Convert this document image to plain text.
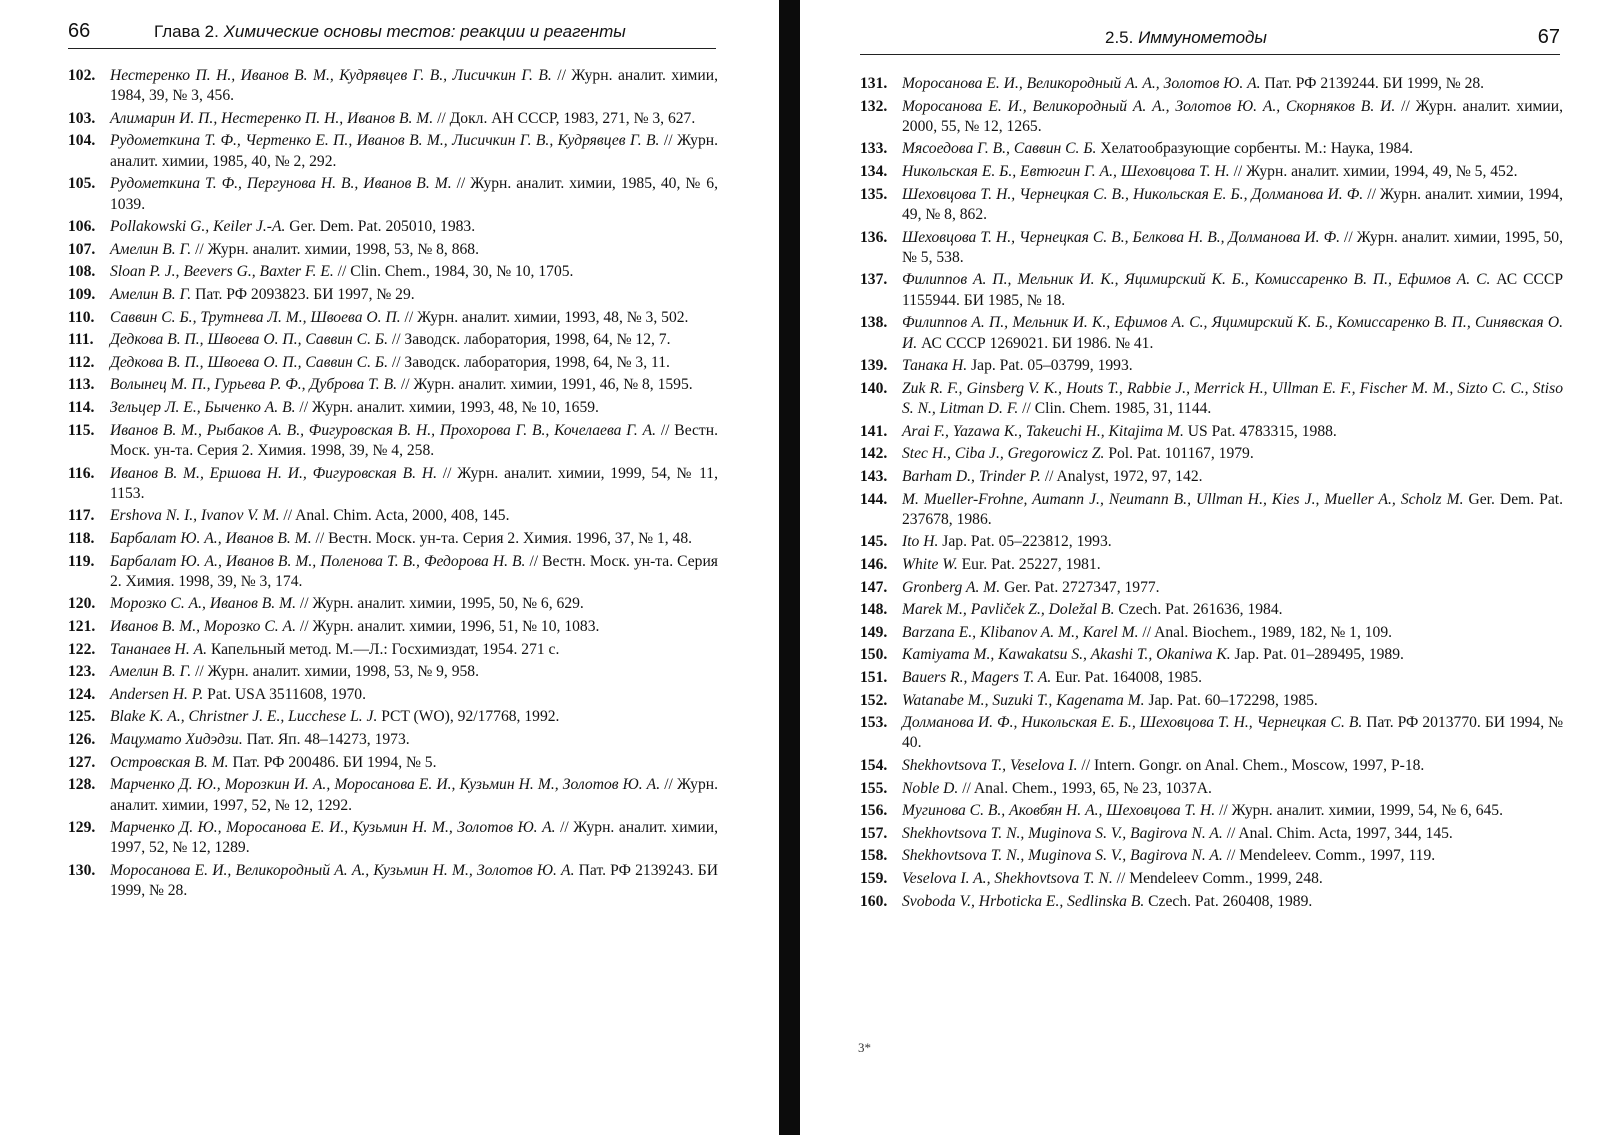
66	Глава 2. Химические основы тестов: реакции и реагенты
102. Нестеренко П. Н., Иванов В. М., Кудрявцев Г. В., Лисичкин Г. В. // Журн. аналит. химии, 1984, 39, № 3, 456.
103. Алимарин И. П., Нестеренко П. Н., Иванов В. М. // Докл. АН СССР, 1983, 271, № 3, 627.
104. Рудометкина Т. Ф., Чертенко Е. П., Иванов В. М., Лисичкин Г. В., Кудрявцев Г. В. // Журн. аналит. химии, 1985, 40, № 2, 292.
105. Рудометкина Т. Ф., Пергунова Н. В., Иванов В. М. // Журн. аналит. химии, 1985, 40, № 6, 1039.
106. Pollakowski G., Keiler J.-A. Ger. Dem. Pat. 205010, 1983.
107. Амелин В. Г. // Журн. аналит. химии, 1998, 53, № 8, 868.
108. Sloan P. J., Beevers G., Baxter F. E. // Clin. Chem., 1984, 30, № 10, 1705.
109. Амелин В. Г. Пат. РФ 2093823. БИ 1997, № 29.
110. Саввин С. Б., Трутнева Л. М., Швоева О. П. // Журн. аналит. химии, 1993, 48, № 3, 502.
111. Дедкова В. П., Швоева О. П., Саввин С. Б. // Заводск. лаборатория, 1998, 64, № 12, 7.
112. Дедкова В. П., Швоева О. П., Саввин С. Б. // Заводск. лаборатория, 1998, 64, № 3, 11.
113. Волынец М. П., Гурьева Р. Ф., Дуброва Т. В. // Журн. аналит. химии, 1991, 46, № 8, 1595.
114. Зельцер Л. Е., Быченко А. В. // Журн. аналит. химии, 1993, 48, № 10, 1659.
115. Иванов В. М., Рыбаков А. В., Фигуровская В. Н., Прохорова Г. В., Кочелаева Г. А. // Вестн. Моск. ун-та. Серия 2. Химия. 1998, 39, № 4, 258.
116. Иванов В. М., Ершова Н. И., Фигуровская В. Н. // Журн. аналит. химии, 1999, 54, № 11, 1153.
117. Ershova N. I., Ivanov V. M. // Anal. Chim. Acta, 2000, 408, 145.
118. Барбалат Ю. А., Иванов В. М. // Вестн. Моск. ун-та. Серия 2. Химия. 1996, 37, № 1, 48.
119. Барбалат Ю. А., Иванов В. М., Поленова Т. В., Федорова Н. В. // Вестн. Моск. ун-та. Серия 2. Химия. 1998, 39, № 3, 174.
120. Морозко С. А., Иванов В. М. // Журн. аналит. химии, 1995, 50, № 6, 629.
121. Иванов В. М., Морозко С. А. // Журн. аналит. химии, 1996, 51, № 10, 1083.
122. Тананаев Н. А. Капельный метод. М.—Л.: Госхимиздат, 1954. 271 с.
123. Амелин В. Г. // Журн. аналит. химии, 1998, 53, № 9, 958.
124. Andersen H. P. Pat. USA 3511608, 1970.
125. Blake K. A., Christner J. E., Lucchese L. J. PCT (WO), 92/17768, 1992.
126. Мацумато Хидэдзи. Пат. Яп. 48–14273, 1973.
127. Островская В. М. Пат. РФ 200486. БИ 1994, № 5.
128. Марченко Д. Ю., Морозкин И. А., Моросанова Е. И., Кузьмин Н. М., Золотов Ю. А. // Журн. аналит. химии, 1997, 52, № 12, 1292.
129. Марченко Д. Ю., Моросанова Е. И., Кузьмин Н. М., Золотов Ю. А. // Журн. аналит. химии, 1997, 52, № 12, 1289.
130. Моросанова Е. И., Великородный А. А., Кузьмин Н. М., Золотов Ю. А. Пат. РФ 2139243. БИ 1999, № 28.
2.5. Иммунометоды	67
131. Моросанова Е. И., Великородный А. А., Золотов Ю. А. Пат. РФ 2139244. БИ 1999, № 28.
132. Моросанова Е. И., Великородный А. А., Золотов Ю. А., Скорняков В. И. // Журн. аналит. химии, 2000, 55, № 12, 1265.
133. Мясоедова Г. В., Саввин С. Б. Хелатообразующие сорбенты. М.: Наука, 1984.
134. Никольская Е. Б., Евтюгин Г. А., Шеховцова Т. Н. // Журн. аналит. химии, 1994, 49, № 5, 452.
135. Шеховцова Т. Н., Чернецкая С. В., Никольская Е. Б., Долманова И. Ф. // Журн. аналит. химии, 1994, 49, № 8, 862.
136. Шеховцова Т. Н., Чернецкая С. В., Белкова Н. В., Долманова И. Ф. // Журн. аналит. химии, 1995, 50, № 5, 538.
137. Филиппов А. П., Мельник И. К., Яцимирский К. Б., Комиссаренко В. П., Ефимов А. С. АС СССР 1155944. БИ 1985, № 18.
138. Филиппов А. П., Мельник И. К., Ефимов А. С., Яцимирский К. Б., Комиссаренко В. П., Синявская О. И. АС СССР 1269021. БИ 1986. № 41.
139. Танака Н. Jap. Pat. 05–03799, 1993.
140. Zuk R. F., Ginsberg V. K., Houts T., Rabbie J., Merrick H., Ullman E. F., Fischer M. M., Sizto C. C., Stiso S. N., Litman D. F. // Clin. Chem. 1985, 31, 1144.
141. Arai F., Yazawa K., Takeuchi H., Kitajima M. US Pat. 4783315, 1988.
142. Stec H., Ciba J., Gregorowicz Z. Pol. Pat. 101167, 1979.
143. Barham D., Trinder P. // Analyst, 1972, 97, 142.
144. M. Mueller-Frohne, Aumann J., Neumann B., Ullman H., Kies J., Mueller A., Scholz M. Ger. Dem. Pat. 237678, 1986.
145. Ito H. Jap. Pat. 05–223812, 1993.
146. White W. Eur. Pat. 25227, 1981.
147. Gronberg A. M. Ger. Pat. 2727347, 1977.
148. Marek M., Pavliček Z., Doležal B. Czech. Pat. 261636, 1984.
149. Barzana E., Klibanov A. M., Karel M. // Anal. Biochem., 1989, 182, № 1, 109.
150. Kamiyama M., Kawakatsu S., Akashi T., Okaniwa K. Jap. Pat. 01–289495, 1989.
151. Bauers R., Magers T. A. Eur. Pat. 164008, 1985.
152. Watanabe M., Suzuki T., Kagenama M. Jap. Pat. 60–172298, 1985.
153. Долманова И. Ф., Никольская Е. Б., Шеховцова Т. Н., Чернецкая С. В. Пат. РФ 2013770. БИ 1994, № 40.
154. Shekhovtsova T., Veselova I. // Intern. Gongr. on Anal. Chem., Moscow, 1997, P-18.
155. Noble D. // Anal. Chem., 1993, 65, № 23, 1037A.
156. Мугинова С. В., Аковбян Н. А., Шеховцова Т. Н. // Журн. аналит. химии, 1999, 54, № 6, 645.
157. Shekhovtsova T. N., Muginova S. V., Bagirova N. A. // Anal. Chim. Acta, 1997, 344, 145.
158. Shekhovtsova T. N., Muginova S. V., Bagirova N. A. // Mendeleev. Comm., 1997, 119.
159. Veselova I. A., Shekhovtsova T. N. // Mendeleev Comm., 1999, 248.
160. Svoboda V., Hrboticka E., Sedlinska B. Czech. Pat. 260408, 1989.
3*
